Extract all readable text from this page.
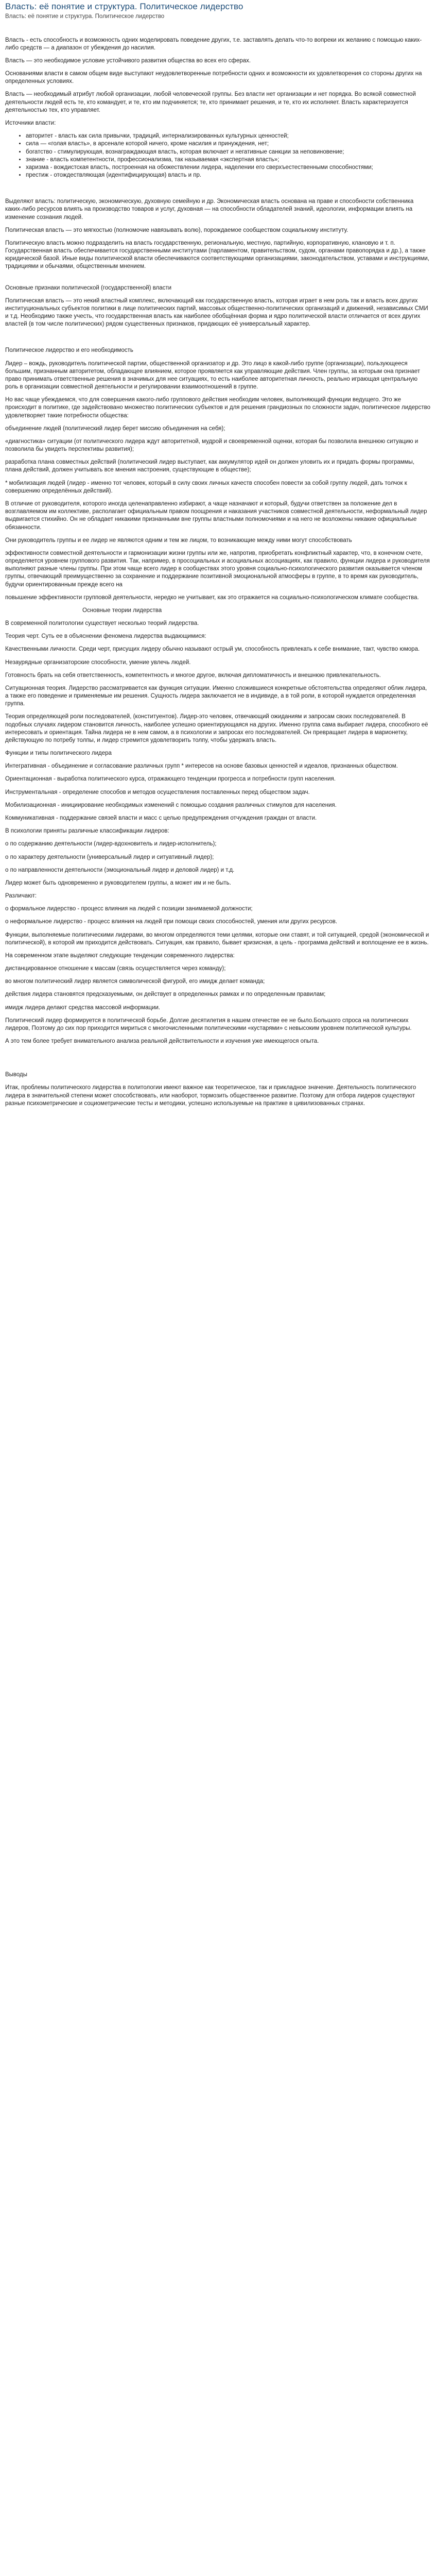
Власть: её понятие и структура. Политическое лидерство
Власть: её понятие и структура. Политическое лидерство

Власть - есть способность и возможность одних моделировать поведение других, т.е. заставлять делать что-то вопреки их желанию с помощью каких-либо средств — а диапазон от убеждения до насилия.

Власть — это необходимое условие устойчивого развития общества во всех его сферах.

Основаниями власти в самом общем виде выступают неудовлетворенные потребности одних и возможности их удовлетворения со стороны других на определенных условиях.

Власть — необходимый атрибут любой организации, любой человеческой группы. Без власти нет организации и нет порядка. Во всякой совместной деятельности людей есть те, кто командует, и те, кто им подчиняется; те, кто принимает решения, и те, кто их исполняет. Власть характеризуется деятельностью тех, кто управляет.

Источники власти:

• авторитет - власть как сила привычки, традиций, интернализированных культурных ценностей;
• сила — «голая власть», в арсенале которой ничего, кроме насилия и принуждения, нет;
• богатство - стимулирующая, вознаграждающая власть, которая включает и негативные санкции за неповиновение;
• знание - власть компетентности, профессионализма, так называемая «экспертная власть»;
• харизма - вождистская власть, построенная на обожествлении лидера, наделении его сверхъестественными способностями;
• престиж - отождествляющая (идентифицирующая) власть и пр.

Выделяют власть: политическую, экономическую, духовную семейную и др. Экономическая власть основана на праве и способности собственника каких-либо ресурсов влиять на производство товаров и услуг, духовная — на способности обладателей знаний, идеологии, информации влиять на изменение сознания людей.

Политическая власть — это мягкостью (полномочие навязывать волю), порождаемое сообществом социальному институту.

Политическую власть можно подразделить на власть государственную, региональную, местную, партийную, корпоративную, клановую и т. п. Государственная власть обеспечивается государственными институтами (парламентом, правительством, судом, органами правопорядка и др.), а также юридической базой. Иные виды политической власти обеспечиваются соответствующими организациями, законодательством, уставами и инструкциями, традициями и обычаями, общественным мнением.

Основные признаки политической (государственной) власти

Политическая власть — это некий властный комплекс, включающий как государственную власть, которая играет в нем роль так и власть всех других институциональных субъектов политики в лице политических партий, массовых общественно-политических организаций и движений, независимых СМИ и т.д. Необходимо также учесть, что государственная власть как наиболее обобщённая форма и ядро политической власти отличается от всех других властей (в том числе политических) рядом существенных признаков, придающих её универсальный характер.

Политическое лидерство и его необходимость

Лидер – вождь, руководитель политической партии, общественной организатор и др. Это лицо в какой-либо группе (организации), пользующееся большим, признанным авторитетом, обладающее влиянием, которое проявляется как управляющие действия. Член группы, за которым она признает право принимать ответственные решения в значимых для нее ситуациях, то есть наиболее авторитетная личность, реально играющая центральную роль в организации совместной деятельности и регулировании взаимоотношений в группе.

Но вас чаще убеждаемся, что для совершения какого-либо группового действия необходим человек, выполняющий функции ведущего. Это же происходит в политике, где задействовано множество политических субъектов и для решения грандиозных по сложности задач, политическое лидерство удовлетворяет такие потребности общества:

объединение людей (политический лидер берет миссию объединения на себя);

«диагностика» ситуации (от политического лидера ждут авторитетной, мудрой и своевременной оценки, которая бы позволила внешнюю ситуацию и позволила бы увидеть перспективы развития);

разработка плана совместных действий (политический лидер выступает, как аккумулятор идей он должен уловить их и придать формы программы, плана действий, должен учитывать все мнения настроения, существующие в обществе);

* мобилизация людей (лидер - именно тот человек, который в силу своих личных качеств способен повести за собой группу людей, дать толчок к совершению определённых действий).

В отличие от руководителя, которого иногда целенаправленно избирают, а чаще назначают и который, будучи ответствен за положение дел в возглавляемом им коллективе, располагает официальным правом поощрения и наказания участников совместной деятельности, неформальный лидер выдвигается стихийно. Он не обладает никакими признанными вне группы властными полномочиями и на него не возложены никакие официальные обязанности.

Они руководитель группы и ее лидер не являются одним и тем же лицом, то возникающие между ними могут способствовать

эффективности совместной деятельности и гармонизации жизни группы или же, напротив, приобретать конфликтный характер, что, в конечном счете, определяется уровнем группового развития. Так, например, в просоциальных и асоциальных ассоциациях, как правило, функции лидера и руководителя выполняют разные члены группы. При этом чаще всего лидер в сообществах этого уровня социально-психологического развития оказывается членом группы, отвечающий преимущественно за сохранение и поддержание позитивной эмоциональной атмосферы в группе, в то время как руководитель, будучи ориентированным прежде всего на

повышение эффективности групповой деятельности, нередко не учитывает, как это отражается на социально-психологическом климате сообщества.

Основные теории лидерства

В современной политологии существует несколько теорий лидерства.

Теория черт. Суть ее в объяснении феномена лидерства выдающимися:

Качественными личности. Среди черт, присущих лидеру обычно называют острый ум, способность привлекать к себе внимание, такт, чувство юмора.

Незаурядные организаторские способности, умение увлечь людей.

Готовность брать на себя ответственность, компетентность и многое другое, включая дипломатичность и внешнюю привлекательность.

Ситуационная теория. Лидерство рассматривается как функция ситуации. Именно сложившиеся конкретные обстоятельства определяют облик лидера, а также его поведение и применяемые им решения. Сущность лидера заключается не в индивиде, а в той роли, в которой нуждается определенная группа.

Теория определяющей роли последователей, (конституентов). Лидер-это человек, отвечающий ожиданиям и запросам своих последователей. В подобных случаях лидером становится личность, наиболее успешно ориентирующаяся на других. Именно группа сама выбирает лидера, способного её интересовать и ориентация. Тайна лидера не в нем самом, а в психологии и запросах его последователей. Он превращает лидера в марионетку, действующую по потребу толпы, и лидер стремится удовлетворить толпу, чтобы удержать власть.

Функции и типы политического лидера

Интегративная - объединение и согласование различных групп * интересов на основе базовых ценностей и идеалов, признанных обществом.

Ориентационная - выработка политического курса, отражающего тенденции прогресса и потребности групп населения.

Инструментальная - определение способов и методов осуществления поставленных перед обществом задач.

Мобилизационная - инициирование необходимых изменений с помощью создания различных стимулов для населения.

Коммуникативная - поддержание связей власти и масс с целью предупреждения отчуждения граждан от власти.

В психологии приняты различные классификации лидеров:

о по содержанию деятельности (лидер-вдохновитель и лидер-исполнитель);

о по характеру деятельности (универсальный лидер и ситуативный лидер);

о по направленности деятельности (эмоциональный лидер и деловой лидер) и т.д.

Лидер может быть одновременно и руководителем группы, а может им и не быть.

Различают:

о формальное лидерство - процесс влияния на людей с позиции занимаемой должности;

о неформальное лидерство - процесс влияния на людей при помощи своих способностей, умения или других ресурсов.

Функции, выполняемые политическими лидерами, во многом определяются теми целями, которые они ставят, и той ситуацией, средой (экономической и политической), в которой им приходится действовать. Ситуация, как правило, бывает кризисная, а цель - программа действий и воплощение ее в жизнь.

На современном этапе выделяют следующие тенденции современного лидерства:

дистанцированное отношение к массам (связь осуществляется через команду);

во многом политический лидер является символической фигурой, его имидж делает команда;

действия лидера становятся предсказуемыми, он действует в определенных рамках и по определенным правилам;

имидж лидера делают средства массовой информации.

Политический лидер формируется в политической борьбе. Долгие десятилетия в нашем отечестве ее не было.Большого спроса на политических лидеров, Поэтому до сих пор приходится мириться с многочисленными политическими «кустарями» с невысоким уровнем политической культуры.

А это тем более требует внимательного анализа реальной действительности и изучения уже имеющегося опыта.

Выводы

Итак, проблемы политического лидерства в политологии имеют важное как теоретическое, так и прикладное значение. Деятельность политического лидера в значительной степени может способствовать, или наоборот, тормозить общественное развитие. Поэтому для отбора лидеров существуют разные психометрические и социометрические тесты и методики, успешно используемые на практике в цивилизованных странах.
